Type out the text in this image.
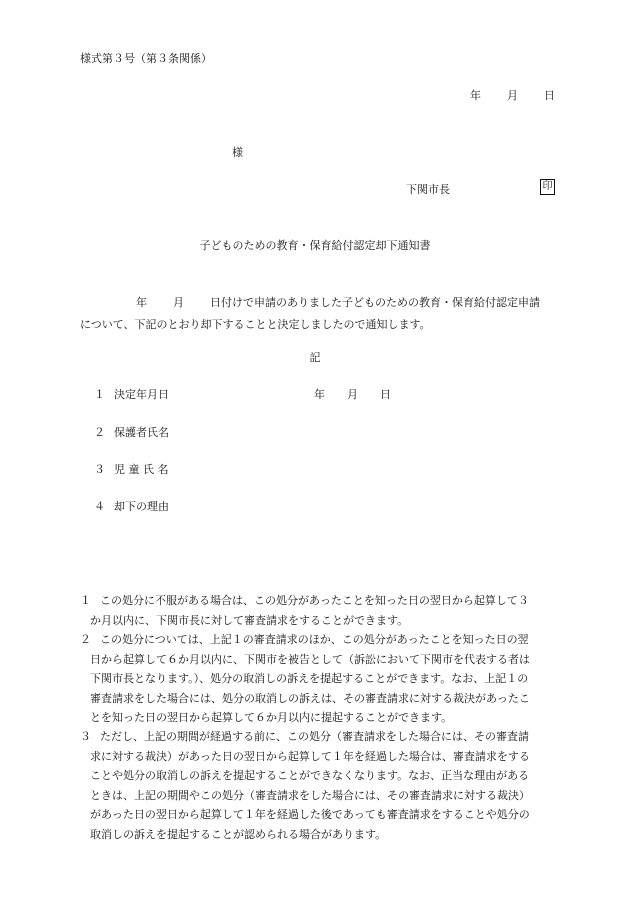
様式第３号（第３条関係）
年 月 日
様
下関市長	印
子どものための教育・保育給付認定却下通知書
年 月 日付けで申請のありました子どものための教育・保育給付認定申請
について、下記のとおり却下することと決定しましたので通知します。
記
１ 決定年月日	年　　月　　日
２ 保護者氏名
３ 児 童 氏 名
４ 却下の理由
１ この処分に不服がある場合は、この処分があったことを知った日の翌日から起算して３
か月以内に、下関市長に対して審査請求をすることができます。
２ この処分については、上記１の審査請求のほか、この処分があったことを知った日の翌
日から起算して６か月以内に、下関市を被告として（訴訟において下関市を代表する者は
下関市長となります。）、処分の取消しの訴えを提起することができます。なお、上記１の
審査請求をした場合には、処分の取消しの訴えは、その審査請求に対する裁決があったこ
とを知った日の翌日から起算して６か月以内に提起することができます。
３ ただし、上記の期間が経過する前に、この処分（審査請求をした場合には、その審査請
求に対する裁決）があった日の翌日から起算して１年を経過した場合は、審査請求をする
ことや処分の取消しの訴えを提起することができなくなります。なお、正当な理由がある
ときは、上記の期間やこの処分（審査請求をした場合には、その審査請求に対する裁決）
があった日の翌日から起算して１年を経過した後であっても審査請求をすることや処分の
取消しの訴えを提起することが認められる場合があります。
